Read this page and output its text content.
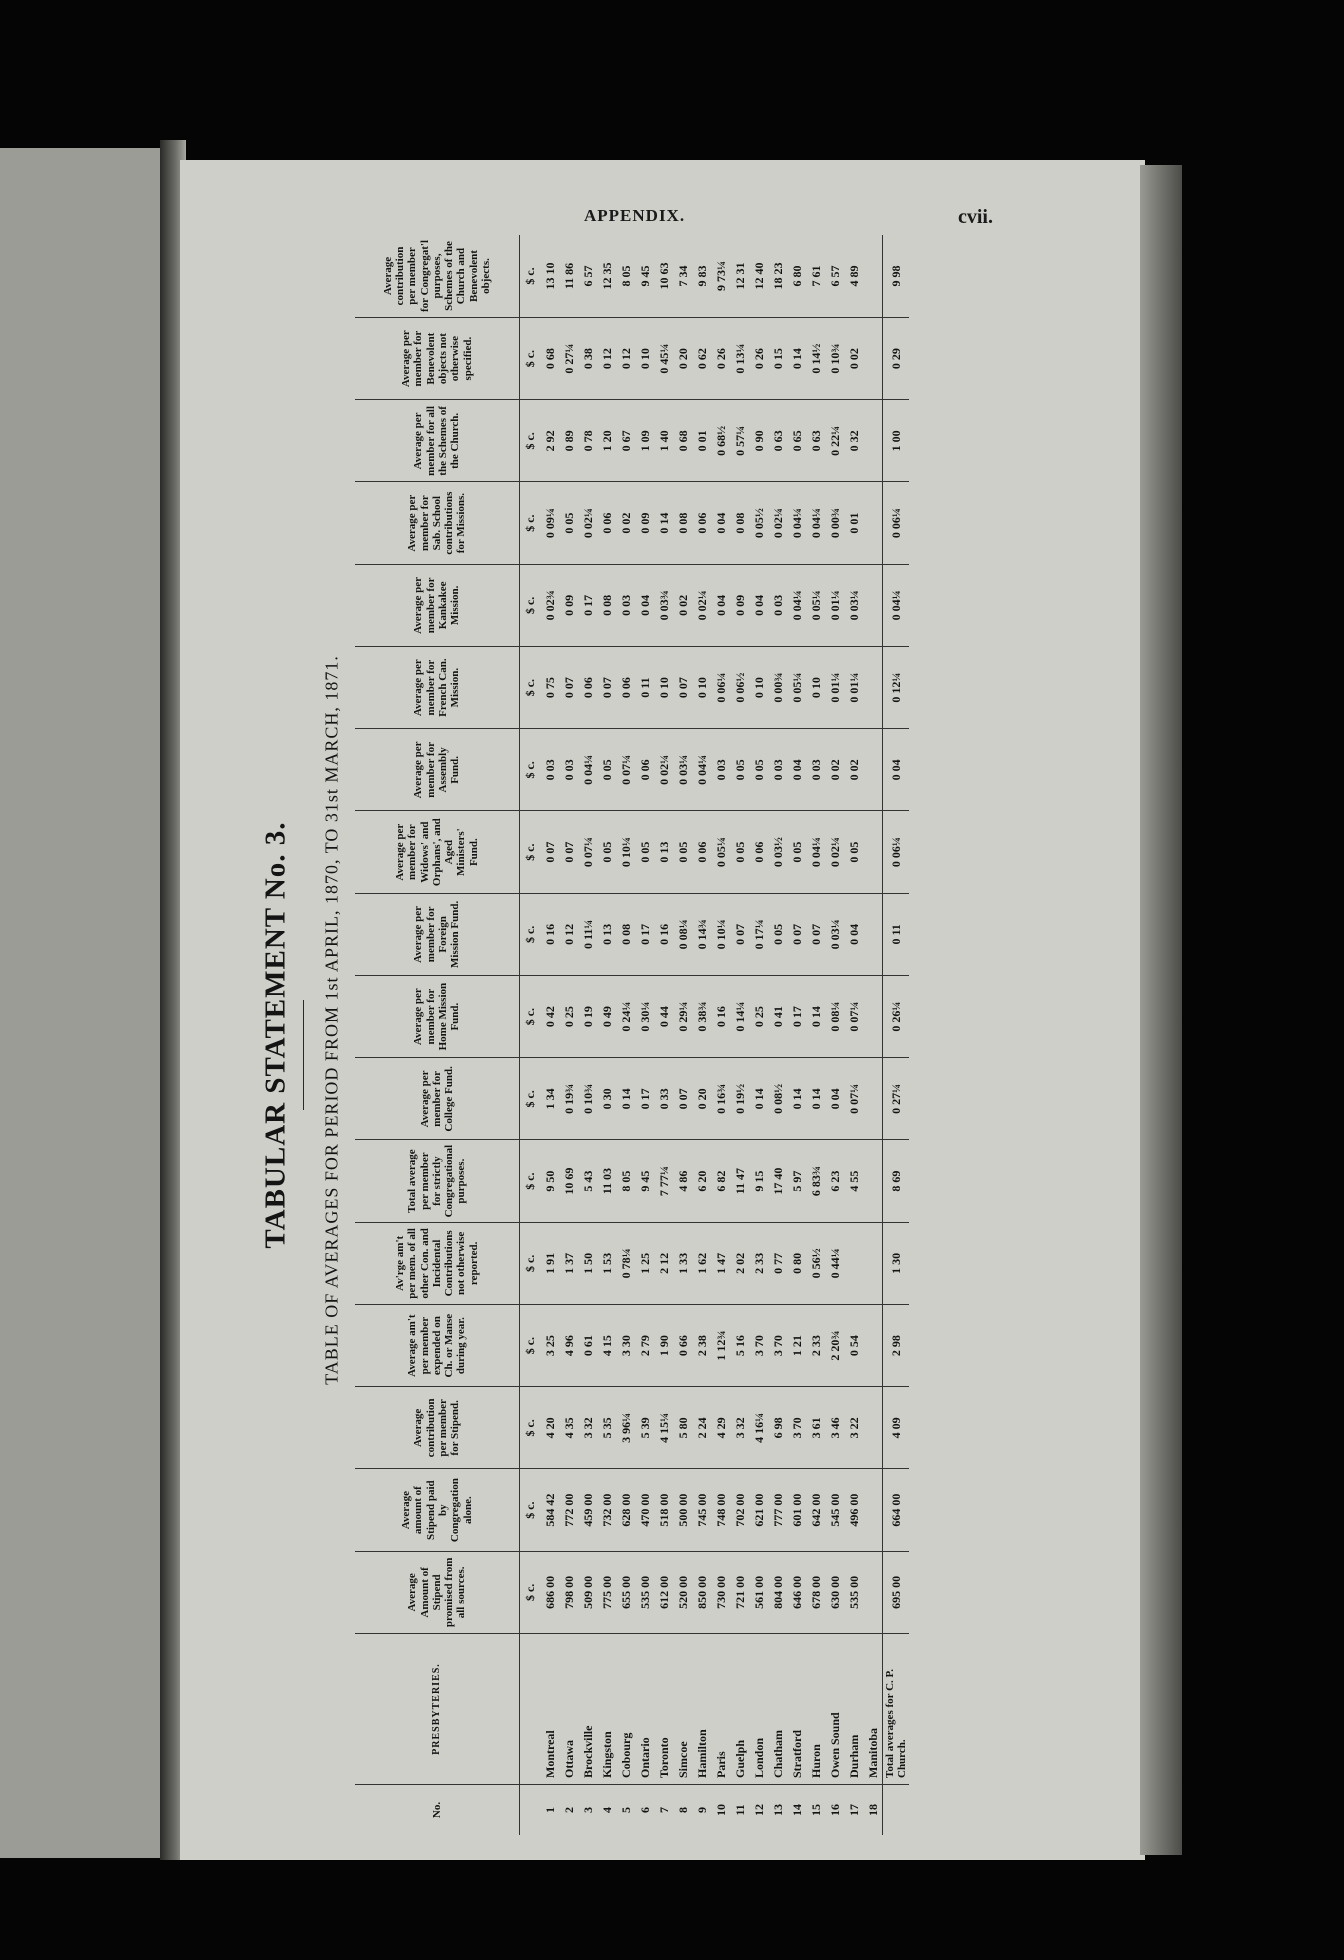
APPENDIX.	cvii.
TABULAR STATEMENT No. 3. TABLE OF AVERAGES FOR PERIOD FROM 1st APRIL, 1870, TO 31st MARCH, 1871.
No.	PRESBYTERIES.	Average Amount of Stipend promised from all sources.	Average amount of Stipend paid by Congregation alone.	Average contribution per member for Stipend.	Average am't per member expended on Ch. or Manse during year.	Av'rge am't per mem. of all other Con. and Incidental Contributions not otherwise reported.	Total average per member for strictly Congregational purposes.	Average per member for College Fund.	Average per member for Home Mission Fund.	Average per member for Foreign Mission Fund.	Average per member for Widows' and Orphans', and Aged Ministers' Fund.	Average per member for Assembly Fund.	Average per member for French Can. Mission.	Average per member for Kankakee Mission.	Average per member for Sab. School contributions for Missions.	Average per member for all the Schemes of the Church.	Average per member for Benevolent objects not otherwise specified.	Average contribution per member for Congregat'l purposes, Schemes of the Church and Benevolent objects.
		$ c.	$ c.	$ c.	$ c.	$ c.	$ c.	$ c.	$ c.	$ c.	$ c.	$ c.	$ c.	$ c.	$ c.	$ c.	$ c.	$ c.
1	Montreal	686 00	584 42	4 20	3 25	1 91	9 50	1 34	0 42	0 16	0 07	0 03	0 75	0 02¾	0 09¼	2 92	0 68	13 10
2	Ottawa	798 00	772 00	4 35	4 96	1 37	10 69	0 19¾	0 25	0 12	0 07	0 03	0 07	0 09	0 05	0 89	0 27¼	11 86
3	Brockville	509 00	459 00	3 32	0 61	1 50	5 43	0 10¾	0 19	0 11¼	0 07¼	0 04¼	0 06	0 17	0 02¼	0 78	0 38	6 57
4	Kingston	775 00	732 00	5 35	4 15	1 53	11 03	0 30	0 49	0 13	0 05	0 05	0 07	0 08	0 06	1 20	0 12	12 35
5	Cobourg	655 00	628 00	3 96¼	3 30	0 78¼	8 05	0 14	0 24¼	0 08	0 10¼	0 07¼	0 06	0 03	0 02	0 67	0 12	8 05
6	Ontario	535 00	470 00	5 39	2 79	1 25	9 45	0 17	0 30¼	0 17	0 05	0 06	0 11	0 04	0 09	1 09	0 10	9 45
7	Toronto	612 00	518 00	4 15¼	1 90	2 12	7 77¼	0 33	0 44	0 16	0 13	0 02¼	0 10	0 03¾	0 14	1 40	0 45¼	10 63
8	Simcoe	520 00	500 00	5 80	0 66	1 33	4 86	0 07	0 29¼	0 08¼	0 05	0 03¼	0 07	0 02	0 08	0 68	0 20	7 34
9	Hamilton	850 00	745 00	2 24	2 38	1 62	6 20	0 20	0 38¾	0 14¾	0 06	0 04¼	0 10	0 02¼	0 06	0 01	0 62	9 83
10	Paris	730 00	748 00	4 29	1 12¾	1 47	6 82	0 16¾	0 16	0 10¼	0 05¼	0 03	0 06¼	0 04	0 04	0 68½	0 26	9 73¼
11	Guelph	721 00	702 00	3 32	5 16	2 02	11 47	0 19½	0 14¼	0 07	0 05	0 05	0 06½	0 09	0 08	0 57¼	0 13¼	12 31
12	London	561 00	621 00	4 16¼	3 70	2 33	9 15	0 14	0 25	0 17¼	0 06	0 05	0 10	0 04	0 05½	0 90	0 26	12 40
13	Chatham	804 00	777 00	6 98	3 70	0 77	17 40	0 08½	0 41	0 05	0 03½	0 03	0 00¾	0 03	0 02¼	0 63	0 15	18 23
14	Stratford	646 00	601 00	3 70	1 21	0 80	5 97	0 14	0 17	0 07	0 05	0 04	0 05¼	0 04¼	0 04¼	0 65	0 14	6 80
15	Huron	678 00	642 00	3 61	2 33	0 56½	6 83¾	0 14	0 14	0 07	0 04¼	0 03	0 10	0 05¼	0 04¼	0 63	0 14½	7 61
16	Owen Sound	630 00	545 00	3 46	2 20¾	0 44¼	6 23	0 04	0 08¼	0 03¼	0 02¼	0 02	0 01¼	0 01¼	0 00¾	0 22¼	0 10¾	6 57
17	Durham	535 00	496 00	3 22	0 54		4 55	0 07¼	0 07¼	0 04	0 05	0 02	0 01¼	0 03¼	0 01	0 32	0 02	4 89
18	Manitoba																	
	Total averages for C. P. Church.	695 00	664 00	4 09	2 98	1 30	8 69	0 27¼	0 26¼	0 11	0 06¼	0 04	0 12¼	0 04¼	0 06¼	1 00	0 29	9 98
